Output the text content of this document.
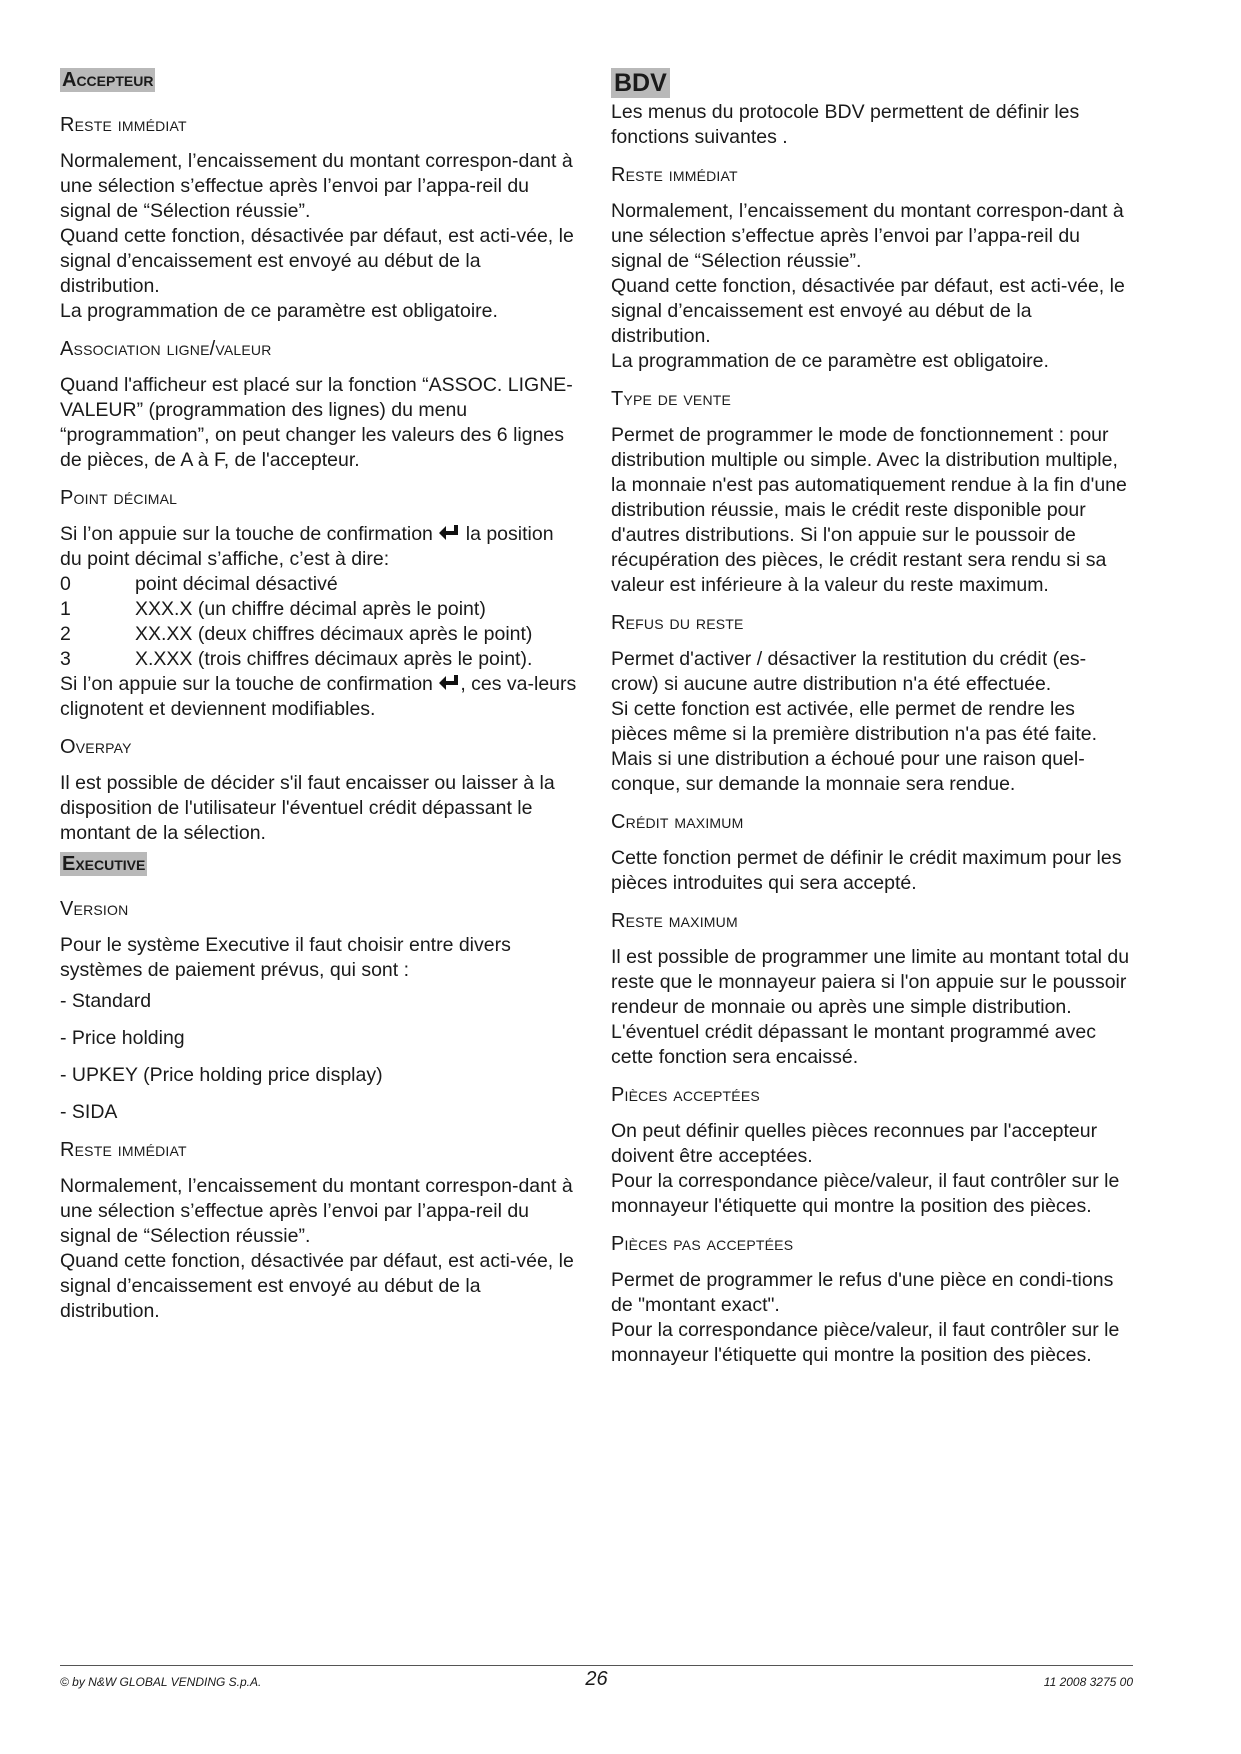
Accepteur
Reste immédiat

Normalement, l’encaissement du montant correspon-dant à une sélection s’effectue après l’envoi par l’appa-reil du signal de “Sélection réussie”.

Quand cette fonction, désactivée par défaut, est acti-vée, le signal d’encaissement est envoyé au début de la distribution.

La programmation de ce paramètre est obligatoire.

Association ligne/valeur

Quand l'afficheur est placé sur la fonction “ASSOC. LIGNE-VALEUR” (programmation des lignes) du menu “programmation”, on peut changer les valeurs des 6 lignes de pièces, de A à F, de l'accepteur.

Point décimal

Si l’on appuie sur la touche de confirmation  la position du point décimal s’affiche, c’est à dire:

0	point décimal désactivé
1	XXX.X (un chiffre décimal après le point)
2	XX.XX (deux chiffres décimaux après le point)
3	X.XXX (trois chiffres décimaux après le point).

Si l’on appuie sur la touche de confirmation , ces va-leurs clignotent et deviennent modifiables.

Overpay

Il est possible de décider s'il faut encaisser ou laisser à la disposition de l'utilisateur l'éventuel crédit dépassant le montant de la sélection.

Executive
Version

Pour le système Executive il faut choisir entre divers systèmes de paiement prévus, qui sont :

- Standard
- Price holding
- UPKEY (Price holding price display)
- SIDA
Reste immédiat

Normalement, l’encaissement du montant correspon-dant à une sélection s’effectue après l’envoi par l’appa-reil du signal de “Sélection réussie”.

Quand cette fonction, désactivée par défaut, est acti-vée, le signal d’encaissement est envoyé au début de la distribution.

BDV

Les menus du protocole BDV permettent de définir les fonctions suivantes .

Reste immédiat

Normalement, l’encaissement du montant correspon-dant à une sélection s’effectue après l’envoi par l’appa-reil du signal de “Sélection réussie”.

Quand cette fonction, désactivée par défaut, est acti-vée, le signal d’encaissement est envoyé au début de la distribution.

La programmation de ce paramètre est obligatoire.

Type de vente

Permet de programmer le mode de fonctionnement : pour distribution multiple ou simple. Avec la distribution multiple, la monnaie n'est pas automatiquement rendue à la fin d'une distribution réussie, mais le crédit reste disponible pour d'autres distributions. Si l'on appuie sur le poussoir de récupération des pièces, le crédit restant sera rendu si sa valeur est inférieure à la valeur du reste maximum.

Refus du reste

Permet d'activer / désactiver la restitution du crédit (es-crow) si aucune autre distribution n'a été effectuée.

Si cette fonction est activée, elle permet de rendre les pièces même si la première distribution n'a pas été faite. Mais si une distribution a échoué pour une raison quel-conque, sur demande la monnaie sera rendue.

Crédit maximum

Cette fonction permet de définir le crédit maximum pour les pièces introduites qui sera accepté.

Reste maximum

Il est possible de programmer une limite au montant total du reste que le monnayeur paiera si l'on appuie sur le poussoir rendeur de monnaie ou après une simple distribution.

L'éventuel crédit dépassant le montant programmé avec cette fonction sera encaissé.

Pièces acceptées

On peut définir quelles pièces reconnues par l'accepteur doivent être acceptées.

Pour la correspondance pièce/valeur, il faut contrôler sur le monnayeur l'étiquette qui montre la position des pièces.

Pièces pas acceptées

Permet de programmer le refus d'une pièce en condi-tions de "montant exact".

Pour la correspondance pièce/valeur, il faut contrôler sur le monnayeur l'étiquette qui montre la position des pièces.

© by N&W GLOBAL VENDING S.p.A.	26	11 2008 3275 00
